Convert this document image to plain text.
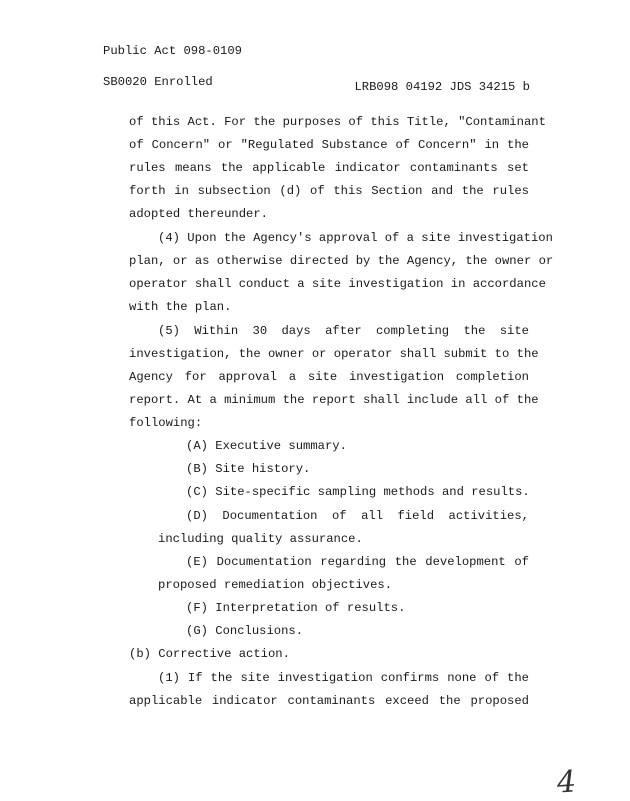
Public Act 098-0109
SB0020 Enrolled	LRB098 04192 JDS 34215 b
of this Act. For the purposes of this Title, "Contaminant
of Concern" or "Regulated Substance of Concern" in the
rules means the applicable indicator contaminants set
forth in subsection (d) of this Section and the rules
adopted thereunder.
(4) Upon the Agency's approval of a site investigation
plan, or as otherwise directed by the Agency, the owner or
operator shall conduct a site investigation in accordance
with the plan.
(5) Within 30 days after completing the site
investigation, the owner or operator shall submit to the
Agency for approval a site investigation completion
report. At a minimum the report shall include all of the
following:
(A) Executive summary.
(B) Site history.
(C) Site-specific sampling methods and results.
(D) Documentation of all field activities,
including quality assurance.
(E) Documentation regarding the development of
proposed remediation objectives.
(F) Interpretation of results.
(G) Conclusions.
(b) Corrective action.
(1) If the site investigation confirms none of the
applicable indicator contaminants exceed the proposed
4
